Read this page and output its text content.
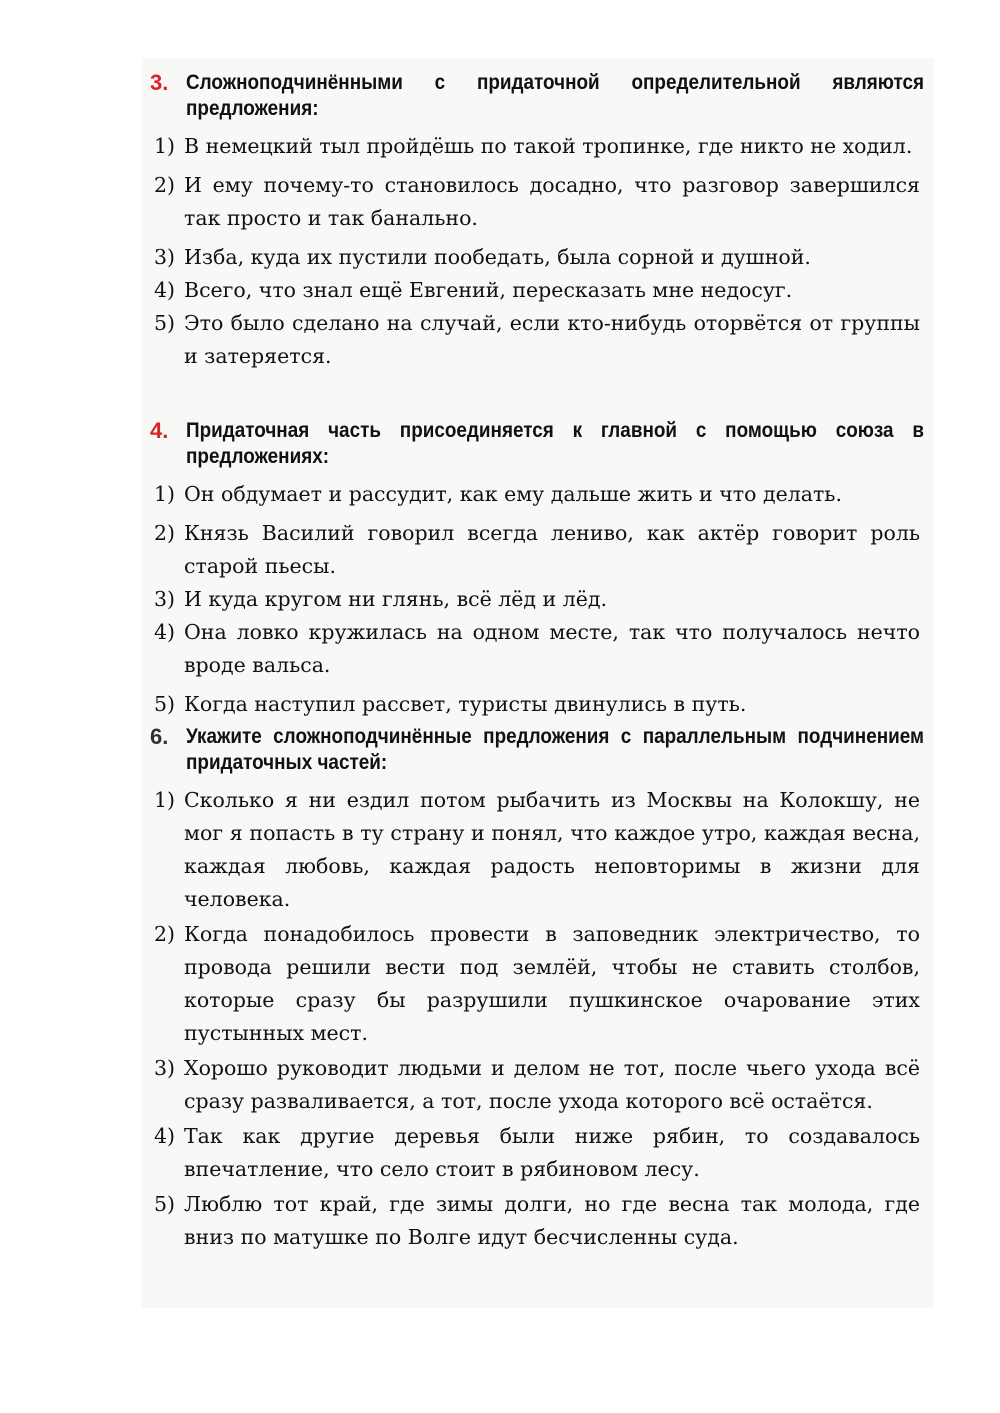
3. Сложноподчинёнными с придаточной определительной являются предложения:
1) В немецкий тыл пройдёшь по такой тропинке, где никто не ходил.
2) И ему почему-то становилось досадно, что разговор завершился так просто и так банально.
3) Изба, куда их пустили пообедать, была сорной и душной.
4) Всего, что знал ещё Евгений, пересказать мне недосуг.
5) Это было сделано на случай, если кто-нибудь оторвётся от группы и затеряется.
4. Придаточная часть присоединяется к главной с помощью союза в предложениях:
1) Он обдумает и рассудит, как ему дальше жить и что делать.
2) Князь Василий говорил всегда лениво, как актёр говорит роль старой пьесы.
3) И куда кругом ни глянь, всё лёд и лёд.
4) Она ловко кружилась на одном месте, так что получалось нечто вроде вальса.
5) Когда наступил рассвет, туристы двинулись в путь.
6. Укажите сложноподчинённые предложения с параллельным подчинением придаточных частей:
1) Сколько я ни ездил потом рыбачить из Москвы на Колокшу, не мог я попасть в ту страну и понял, что каждое утро, каждая весна, каждая любовь, каждая радость неповторимы в жизни для человека.
2) Когда понадобилось провести в заповедник электричество, то провода решили вести под землёй, чтобы не ставить столбов, которые сразу бы разрушили пушкинское очарование этих пустынных мест.
3) Хорошо руководит людьми и делом не тот, после чьего ухода всё сразу разваливается, а тот, после ухода которого всё остаётся.
4) Так как другие деревья были ниже рябин, то создавалось впечатление, что село стоит в рябиновом лесу.
5) Люблю тот край, где зимы долги, но где весна так молода, где вниз по матушке по Волге идут бесчисленны суда.
